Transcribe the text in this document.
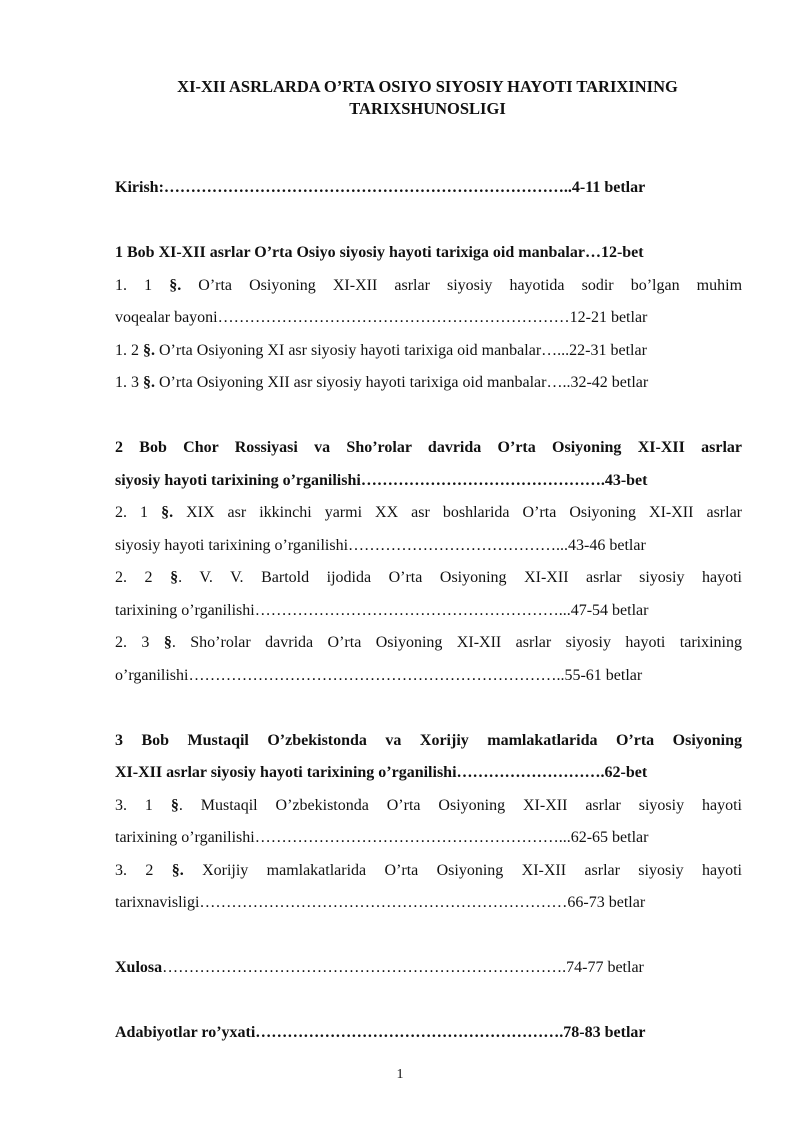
XI-XII ASRLARDA O’RTA OSIYO SIYOSIY HAYOTI TARIXINING
TARIXSHUNOSLIGI
Kirish:…………………………………………………………………..4-11 betlar
1 Bob XI-XII asrlar O’rta Osiyo siyosiy hayoti tarixiga oid manbalar…12-bet
1. 1 §. O’rta Osiyoning XI-XII asrlar siyosiy hayotida sodir bo’lgan muhim
voqealar bayoni…………………………………………………………12-21 betlar
1. 2 §. O’rta Osiyoning XI asr siyosiy hayoti tarixiga oid manbalar…...22-31 betlar
1. 3 §. O’rta Osiyoning XII asr siyosiy hayoti tarixiga oid manbalar…..32-42 betlar
2 Bob Chor Rossiyasi va Sho’rolar davrida O’rta Osiyoning XI-XII asrlar
siyosiy hayoti tarixining o’rganilishi……………………………………….43-bet
2. 1 §. XIX asr ikkinchi yarmi XX asr boshlarida O’rta Osiyoning XI-XII asrlar
siyosiy hayoti tarixining o’rganilishi…………………………………...43-46 betlar
2. 2 §. V. V. Bartold ijodida O’rta Osiyoning XI-XII asrlar siyosiy hayoti
tarixining o’rganilishi…………………………………………………...47-54 betlar
2. 3 §. Sho’rolar davrida O’rta Osiyoning XI-XII asrlar siyosiy hayoti tarixining
o’rganilishi……………………………………………………………..55-61 betlar
3 Bob Mustaqil O’zbekistonda va Xorijiy mamlakatlarida O’rta Osiyoning
XI-XII asrlar siyosiy hayoti tarixining o’rganilishi……………………….62-bet
3. 1 §. Mustaqil O’zbekistonda O’rta Osiyoning XI-XII asrlar siyosiy hayoti
tarixining o’rganilishi…………………………………………………...62-65 betlar
3. 2 §. Xorijiy mamlakatlarida O’rta Osiyoning XI-XII asrlar siyosiy hayoti
tarixnavisligi……………………………………………………………66-73 betlar
Xulosa………………………………………………………………….74-77 betlar
Adabiyotlar ro’yxati………………………………………………….78-83 betlar
1
